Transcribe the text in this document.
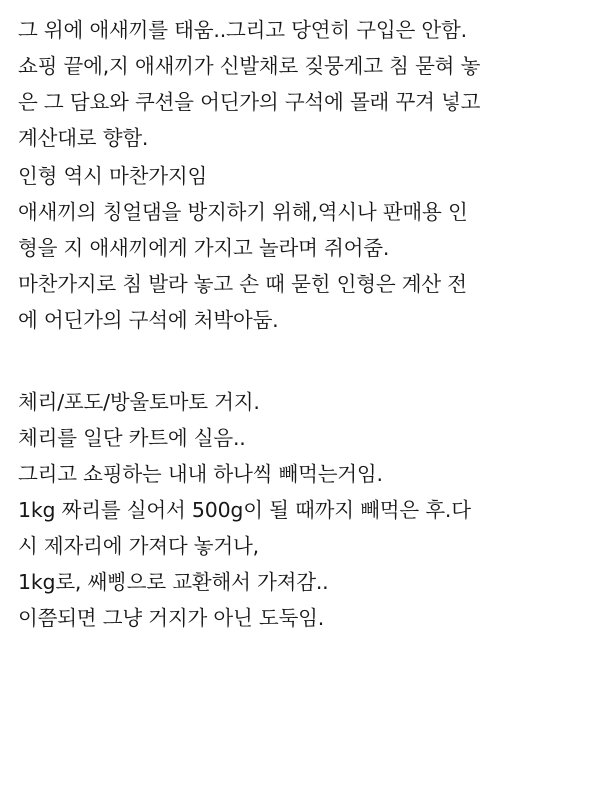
그 위에 애새끼를 태움..그리고 당연히 구입은 안함.
쇼핑 끝에,지 애새끼가 신발채로 짖뭉게고 침 묻혀 놓
은 그 담요와 쿠션을 어딘가의 구석에 몰래 꾸겨 넣고
계산대로 향함.
인형 역시 마찬가지임
애새끼의 칭얼댐을 방지하기 위해,역시나 판매용 인
형을 지 애새끼에게 가지고 놀라며 쥐어줌.
마찬가지로 침 발라 놓고 손 때 묻힌 인형은 계산 전
에 어딘가의 구석에 처박아둠.
체리/포도/방울토마토 거지.
체리를 일단 카트에 실음..
그리고 쇼핑하는 내내 하나씩 빼먹는거임.
1kg 짜리를 실어서 500g이 될 때까지 빼먹은 후.다
시 제자리에 가져다 놓거나,
1kg로, 쌔삥으로 교환해서 가져감..
이쯤되면 그냥 거지가 아닌 도둑임.
